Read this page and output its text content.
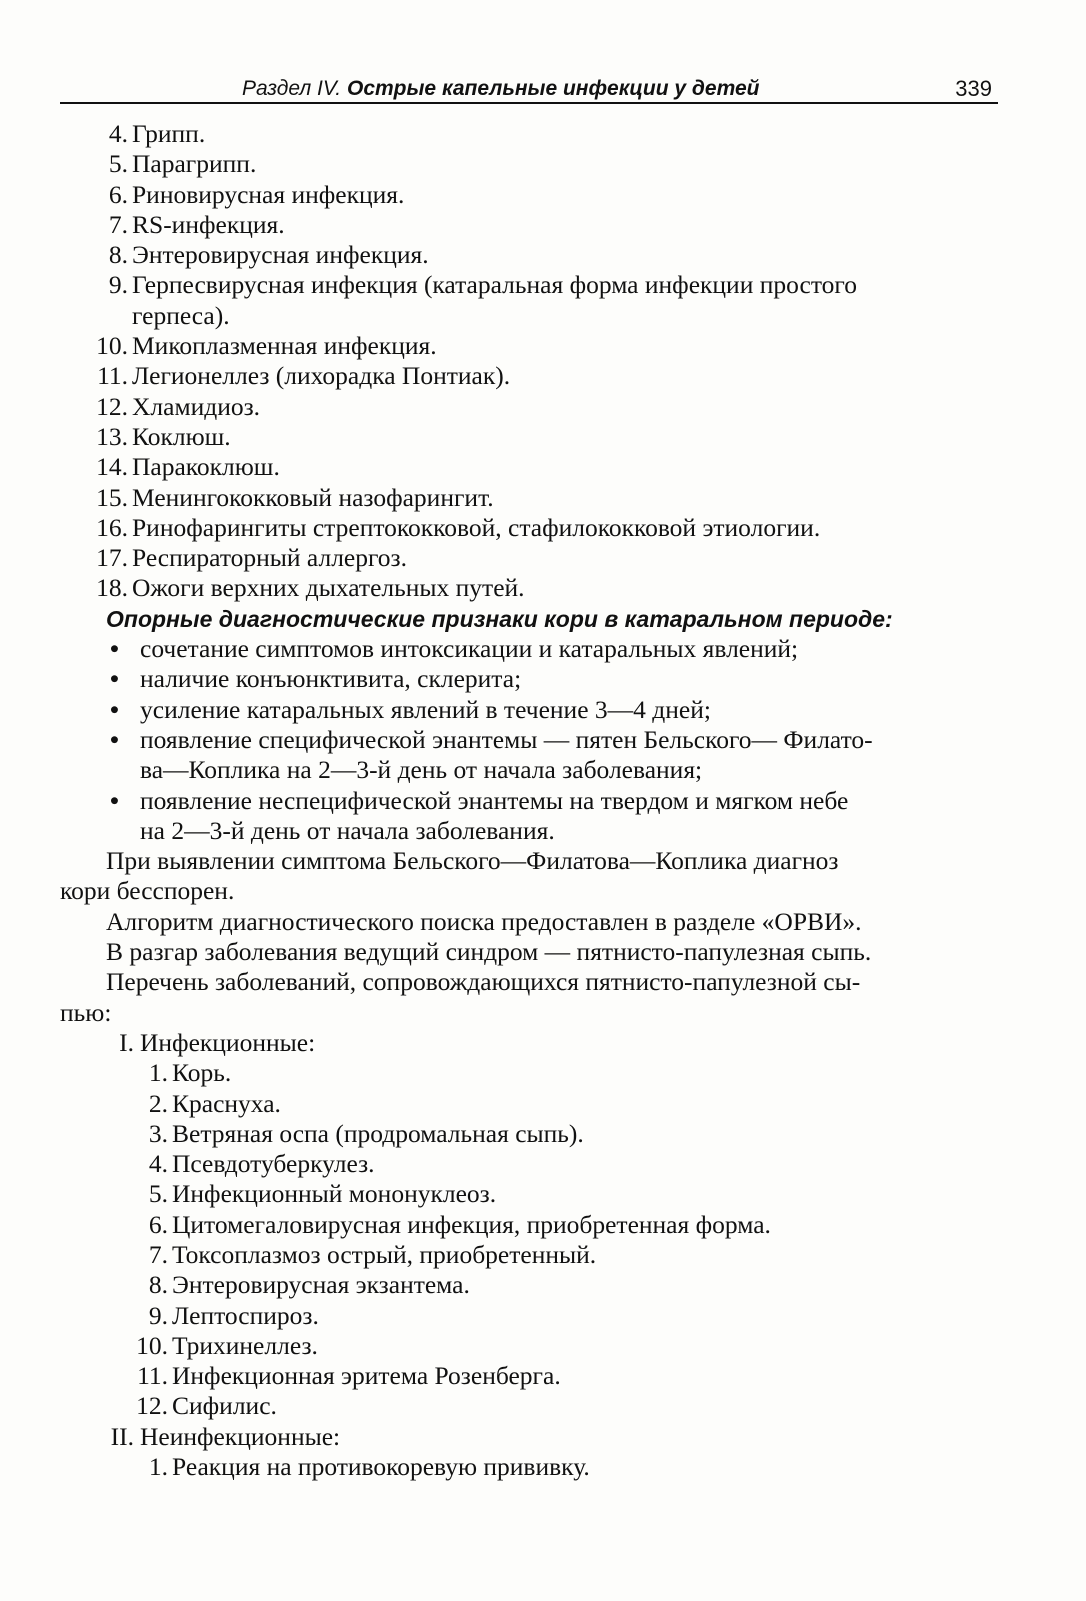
Раздел IV. Острые капельные инфекции у детей	339
4. Грипп.
5. Парагрипп.
6. Риновирусная инфекция.
7. RS-инфекция.
8. Энтеровирусная инфекция.
9. Герпесвирусная инфекция (катаральная форма инфекции простого
герпеса).
10. Микоплазменная инфекция.
11. Легионеллез (лихорадка Понтиак).
12. Хламидиоз.
13. Коклюш.
14. Паракоклюш.
15. Менингококковый назофарингит.
16. Ринофарингиты стрептококковой, стафилококковой этиологии.
17. Респираторный аллергоз.
18. Ожоги верхних дыхательных путей.
Опорные диагностические признаки кори в катаральном периоде:
• сочетание симптомов интоксикации и катаральных явлений;
• наличие конъюнктивита, склерита;
• усиление катаральных явлений в течение 3—4 дней;
• появление специфической энантемы — пятен Бельского— Филато-
ва—Коплика на 2—3-й день от начала заболевания;
• появление неспецифической энантемы на твердом и мягком небе
на 2—3-й день от начала заболевания.
При выявлении симптома Бельского—Филатова—Коплика диагноз
кори бесспорен.
Алгоритм диагностического поиска предоставлен в разделе «ОРВИ».
В разгар заболевания ведущий синдром — пятнисто-папулезная сыпь.
Перечень заболеваний, сопровождающихся пятнисто-папулезной сы-
пью:
I. Инфекционные:
1. Корь.
2. Краснуха.
3. Ветряная оспа (продромальная сыпь).
4. Псевдотуберкулез.
5. Инфекционный мононуклеоз.
6. Цитомегаловирусная инфекция, приобретенная форма.
7. Токсоплазмоз острый, приобретенный.
8. Энтеровирусная экзантема.
9. Лептоспироз.
10. Трихинеллез.
11. Инфекционная эритема Розенберга.
12. Сифилис.
II. Неинфекционные:
1. Реакция на противокоревую прививку.
